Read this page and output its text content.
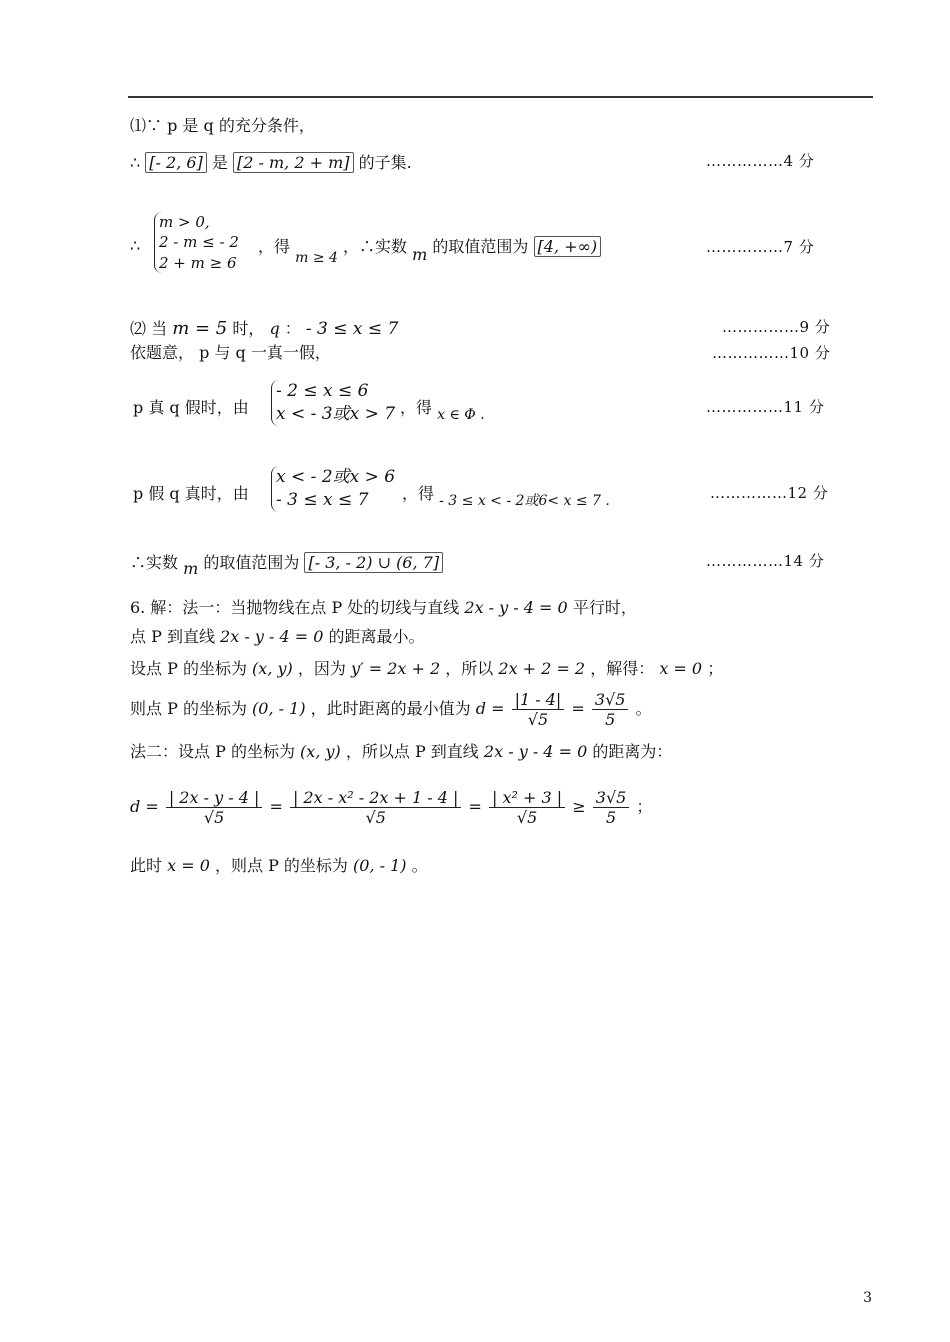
⑴∵ p 是 q 的充分条件，
∴ [- 2, 6] 是 [2 - m, 2 + m] 的子集.	……………4 分
∴
m > 0,
2 - m ≤ - 2
2 + m ≥ 6
，得 m ≥ 4 ，∴实数 m 的取值范围为 [4, +∞)	……………7 分
⑵ 当 m = 5 时， q ： - 3 ≤ x ≤ 7	……………9 分
依题意， p 与 q 一真一假，	……………10 分
p 真 q 假时，由
- 2 ≤ x ≤ 6
x < - 3或x > 7 ，得 x ∈ Φ .	……………11 分
p 假 q 真时，由
x < - 2或x > 6
- 3 ≤ x ≤ 7	，得 - 3 ≤ x < - 2或6< x ≤ 7 .	……………12 分
∴实数 m 的取值范围为 [- 3, - 2) ∪ (6, 7]	……………14 分
6. 解：法一：当抛物线在点 P 处的切线与直线 2x - y - 4 = 0 平行时，
点 P 到直线 2x - y - 4 = 0 的距离最小。
设点 P 的坐标为 (x, y) ，因为 y′ = 2x + 2 ，所以 2x + 2 = 2 ，解得： x = 0 ；
则点 P 的坐标为 (0, - 1) ，此时距离的最小值为 $d = \frac{|1 - 4|}{√5} = \frac{3√5}{5}$ 。
法二：设点 P 的坐标为 (x, y) ，所以点 P 到直线 2x - y - 4 = 0 的距离为：
$d = \frac{| 2x - y - 4 |}{√5} = \frac{\text{| 2x - x² - 2x + 1 - 4 |}}{√5} = \frac{\text{| x² + 3 |}}{√5} \ge \frac{3√5}{5}$ ；
此时 x = 0 ，则点 P 的坐标为 (0, - 1) 。
3
